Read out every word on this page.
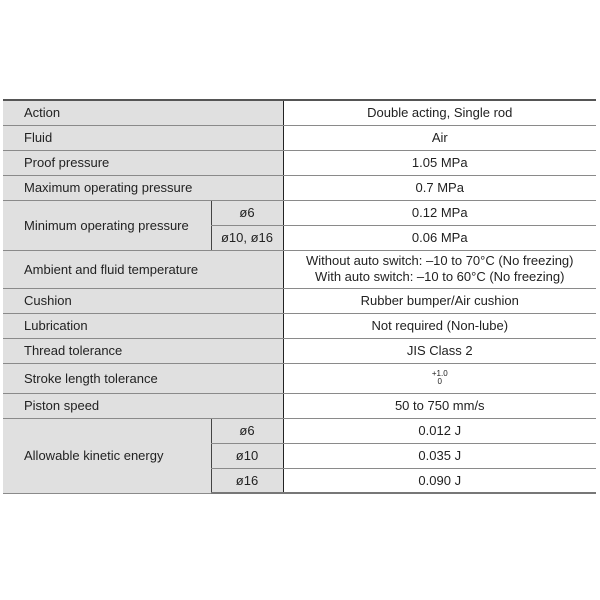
Action		Double acting, Single rod
Fluid		Air
Proof pressure		1.05 MPa
Maximum operating pressure		0.7 MPa
Minimum operating pressure	ø6	0.12 MPa
	ø10, ø16	0.06 MPa
Ambient and fluid temperature		Without auto switch: –10 to 70°C (No freezing)
With auto switch: –10 to 60°C (No freezing)

Cushion		Rubber bumper/Air cushion
Lubrication		Not required (Non-lube)
Thread tolerance		JIS Class 2
Stroke length tolerance		+1.0
0
Piston speed		50 to 750 mm/s
Allowable kinetic energy	ø6	0.012 J
	ø10	0.035 J
	ø16	0.090 J
